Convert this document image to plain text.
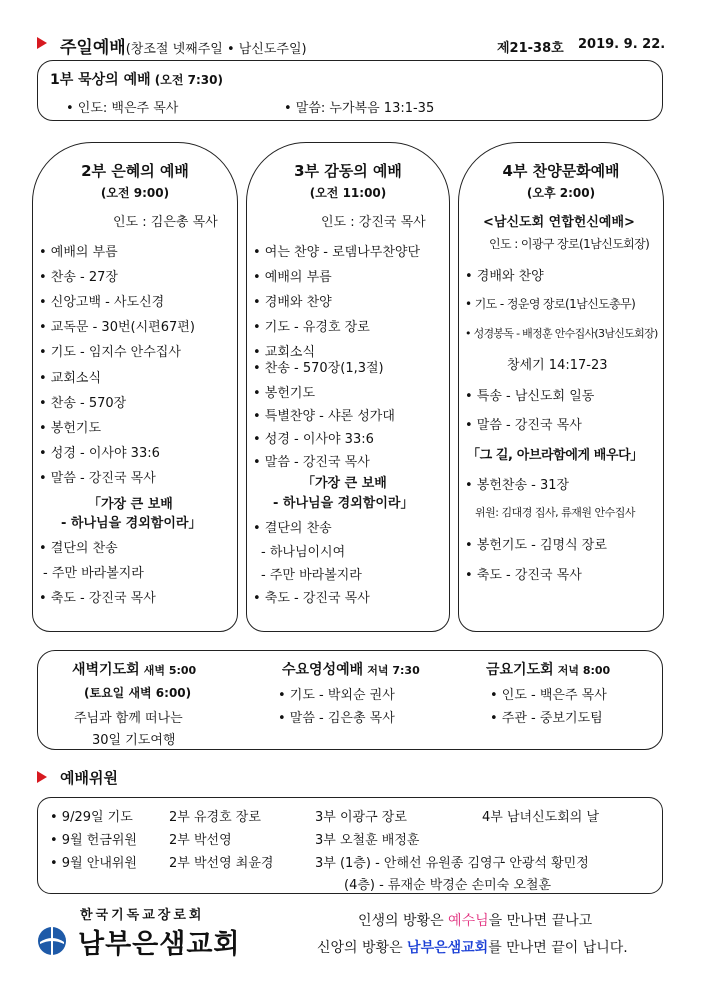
주일예배(창조절 넷째주일 • 남신도주일)	제21-38호 2019. 9. 22.
1부 묵상의 예배 (오전 7:30)
• 인도: 백은주 목사	• 말씀: 누가복음 13:1-35
2부 은혜의 예배
(오전 9:00)
인도 : 김은총 목사
• 예배의 부름
• 찬송 - 27장
• 신앙고백 - 사도신경
• 교독문 - 30번(시편67편)
• 기도 - 임지수 안수집사
• 교회소식
• 찬송 - 570장
• 봉헌기도
• 성경 - 이사야 33:6
• 말씀 - 강진국 목사
「가장 큰 보배
- 하나님을 경외함이라」
• 결단의 찬송
- 주만 바라볼지라
• 축도 - 강진국 목사
3부 감동의 예배
(오전 11:00)
인도 : 강진국 목사
• 여는 찬양 - 로뎀나무찬양단
• 예배의 부름
• 경배와 찬양
• 기도 - 유경호 장로
• 교회소식
• 찬송 - 570장(1,3절)
• 봉헌기도
• 특별찬양 - 샤론 성가대
• 성경 - 이사야 33:6
• 말씀 - 강진국 목사
「가장 큰 보배
- 하나님을 경외함이라」
• 결단의 찬송
- 하나님이시여
- 주만 바라볼지라
• 축도 - 강진국 목사
4부 찬양문화예배
(오후 2:00)
<남신도회 연합헌신예배>
인도 : 이광구 장로(1남신도회장)
• 경배와 찬양
• 기도 - 정운영 장로(1남신도총무)
• 성경봉독 - 배정훈 안수집사(3남신도회장)
창세기 14:17-23
• 특송 - 남신도회 일동
• 말씀 - 강진국 목사
「그 길, 아브라함에게 배우다」
• 봉헌찬송 - 31장
위원: 김대경 집사, 류재원 안수집사
• 봉헌기도 - 김명식 장로
• 축도 - 강진국 목사
새벽기도회 새벽 5:00
(토요일 새벽 6:00)
주님과 함께 떠나는
30일 기도여행
수요영성예배 저녁 7:30
• 기도 - 박외순 권사
• 말씀 - 김은총 목사
금요기도회 저녁 8:00
• 인도 - 백은주 목사
• 주관 - 중보기도팀
예배위원
• 9/29일 기도	2부 유경호 장로	3부 이광구 장로	4부 남녀신도회의 날
• 9월 헌금위원 2부 박선영	3부 오철훈 배정훈
• 9월 안내위원 2부 박선영 최윤경	3부 (1층) - 안해선 유원종 김영구 안광석 황민정
(4층) - 류재순 박경순 손미숙 오철훈
한국기독교장로회
남부은샘교회
인생의 방황은 예수님을 만나면 끝나고
신앙의 방황은 남부은샘교회를 만나면 끝이 납니다.
